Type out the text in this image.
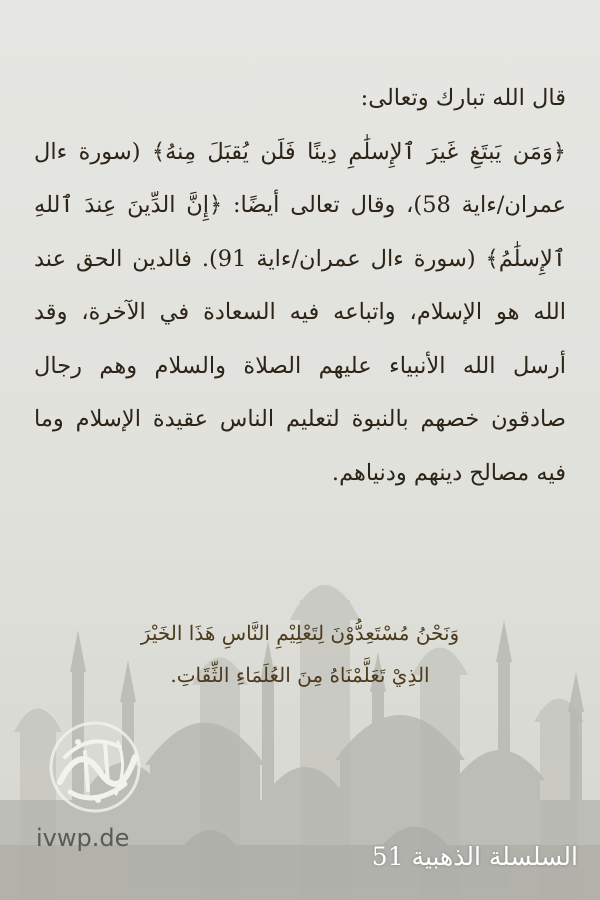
قال الله تبارك وتعالى:

﴿وَمَن يَبتَغِ غَيرَ ٱلإِسلَٰمِ دِينًا فَلَن يُقبَلَ مِنهُ﴾ (سورة ءال عمران/ءاية 58)، وقال تعالى أيضًا: ﴿إِنَّ الدِّينَ عِندَ ٱللهِ ٱلإِسلَٰمُ﴾ (سورة ءال عمران/ءاية 91). فالدين الحق عند الله هو الإسلام، واتباعه فيه السعادة في الآخرة، وقد أرسل الله الأنبياء عليهم الصلاة والسلام وهم رجال صادقون خصهم بالنبوة لتعليم الناس عقيدة الإسلام وما فيه مصالح دينهم ودنياهم.

وَنَحْنُ مُسْتَعِدُّوْنَ لِتَعْلِيْمِ النَّاسِ هَذَا الخَيْرَ

الذِيْ تَعَلَّمْنَاهُ مِنَ العُلَمَاءِ الثِّقَاتِ.

ivwp.de
السلسلة الذهبية 51
